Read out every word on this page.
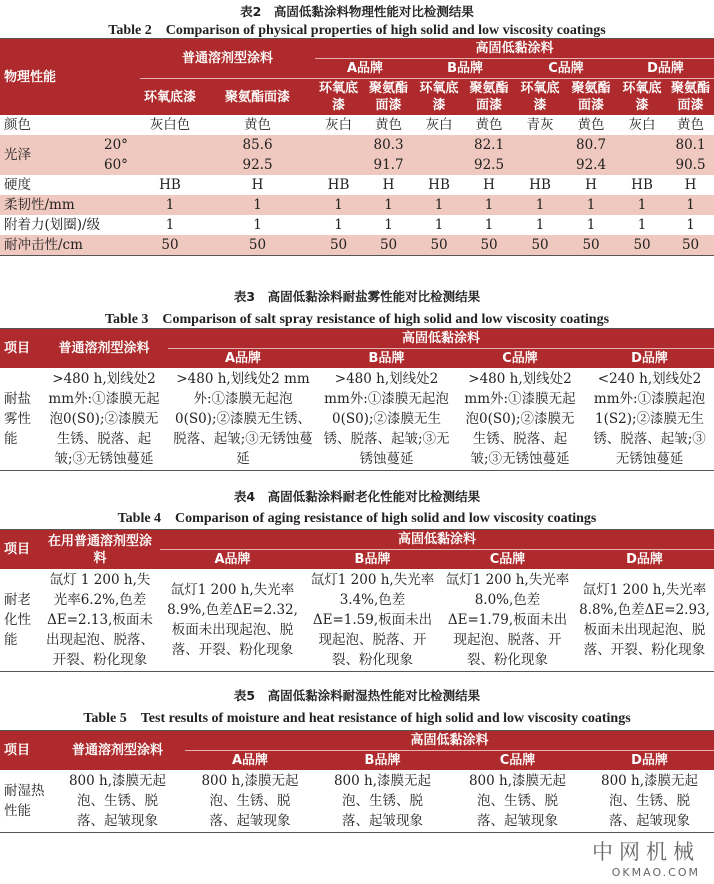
表2　高固低黏涂料物理性能对比检测结果
Table 2　Comparison of physical properties of high solid and low viscosity coatings
物理性能		普通溶剂型涂料		高固低黏涂料							
				A品牌		B品牌		C品牌		D品牌	
		环氧底漆	聚氨酯面漆	环氧底漆	聚氨酯面漆	环氧底漆	聚氨酯面漆	环氧底漆	聚氨酯面漆	环氧底漆	聚氨酯面漆
颜色		灰白色	黄色	灰白	黄色	灰白	黄色	青灰	黄色	灰白	黄色
光泽	20°		85.6		80.3		82.1		80.7		80.1
	60°		92.5		91.7		92.5		92.4		90.5
硬度		HB	H	HB	H	HB	H	HB	H	HB	H
柔韧性/mm		1	1	1	1	1	1	1	1	1	1
附着力(划圈)/级		1	1	1	1	1	1	1	1	1	1
耐冲击性/cm		50	50	50	50	50	50	50	50	50	50
表3　高固低黏涂料耐盐雾性能对比检测结果
Table 3　Comparison of salt spray resistance of high solid and low viscosity coatings
项目	普通溶剂型涂料	高固低黏涂料			
		A品牌	B品牌	C品牌	D品牌
耐盐雾性能	>480 h,划线处2 mm外:①漆膜无起泡0(S0);②漆膜无生锈、脱落、起皱;③无锈蚀蔓延	>480 h,划线处2 mm外:①漆膜无起泡0(S0);②漆膜无生锈、脱落、起皱;③无锈蚀蔓延	>480 h,划线处2 mm外:①漆膜无起泡0(S0);②漆膜无生锈、脱落、起皱;③无锈蚀蔓延	>480 h,划线处2 mm外:①漆膜无起泡0(S0);②漆膜无生锈、脱落、起皱;③无锈蚀蔓延	<240 h,划线处2 mm外:①漆膜起泡1(S2);②漆膜无生锈、脱落、起皱;③无锈蚀蔓延
表4　高固低黏涂料耐老化性能对比检测结果
Table 4　Comparison of aging resistance of high solid and low viscosity coatings
项目	在用普通溶剂型涂料	高固低黏涂料			
		A品牌	B品牌	C品牌	D品牌
耐老化性能	氙灯 1 200 h,失光率6.2%,色差ΔE=2.13,板面未出现起泡、脱落、开裂、粉化现象	氙灯1 200 h,失光率8.9%,色差ΔE=2.32,板面未出现起泡、脱落、开裂、粉化现象	氙灯1 200 h,失光率3.4%,色差ΔE=1.59,板面未出现起泡、脱落、开裂、粉化现象	氙灯1 200 h,失光率8.0%,色差ΔE=1.79,板面未出现起泡、脱落、开裂、粉化现象	氙灯1 200 h,失光率8.8%,色差ΔE=2.93,板面未出现起泡、脱落、开裂、粉化现象
表5　高固低黏涂料耐湿热性能对比检测结果
Table 5　Test results of moisture and heat resistance of high solid and low viscosity coatings
项目	普通溶剂型涂料	高固低黏涂料			
		A品牌	B品牌	C品牌	D品牌
耐湿热性能	800 h,漆膜无起泡、生锈、脱落、起皱现象	800 h,漆膜无起泡、生锈、脱落、起皱现象	800 h,漆膜无起泡、生锈、脱落、起皱现象	800 h,漆膜无起泡、生锈、脱落、起皱现象	800 h,漆膜无起泡、生锈、脱落、起皱现象
中网机械
OKMAO.COM
